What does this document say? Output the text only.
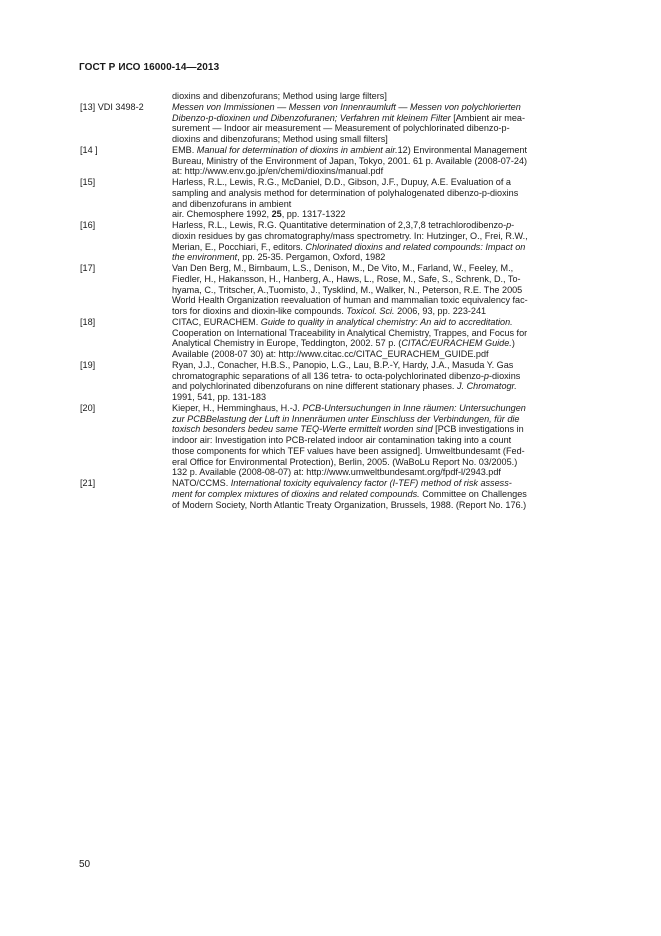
ГОСТ Р ИСО 16000-14—2013
dioxins and dibenzofurans; Method using large filters]
[13] VDI 3498-2	Messen von Immissionen — Messen von Innenraumluft — Messen von polychlorierten
Dibenzo-p-dioxinen und Dibenzofuranen; Verfahren mit kleinem Filter [Ambient air mea-
surement — Indoor air measurement — Measurement of polychlorinated dibenzo-p-
dioxins and dibenzofurans; Method using small filters]
[14 ]	EMB. Manual for determination of dioxins in ambient air.12) Environmental Management
Bureau, Ministry of the Environment of Japan, Tokyo, 2001. 61 p. Available (2008-07-24)
at: http://www.env.go.jp/en/chemi/dioxins/manual.pdf
[15]	Harless, R.L., Lewis, R.G., McDaniel, D.D., Gibson, J.F., Dupuy, A.E. Evaluation of a
sampling and analysis method for determination of polyhalogenated dibenzo-p-dioxins
and dibenzofurans in ambient
air. Chemosphere 1992, 25, pp. 1317-1322
[16]	Harless, R.L., Lewis, R.G. Quantitative determination of 2,3,7,8 tetrachlorodibenzo-p-
dioxin residues by gas chromatography/mass spectrometry. In: Hutzinger, O., Frei, R.W.,
Merian, E., Pocchiari, F., editors. Chlorinated dioxins and related compounds: Impact on
the environment, pp. 25-35. Pergamon, Oxford, 1982
[17]	Van Den Berg, M., Birnbaum, L.S., Denison, M., De Vito, M., Farland, W., Feeley, M.,
Fiedler, H., Hakansson, H., Hanberg, A., Haws, L., Rose, M., Safe, S., Schrenk, D., To-
hyama, C., Tritscher, A.,Tuomisto, J., Tysklind, M., Walker, N., Peterson, R.E. The 2005
World Health Organization reevaluation of human and mammalian toxic equivalency fac-
tors for dioxins and dioxin-like compounds. Toxicol. Sci. 2006, 93, pp. 223-241
[18]	CITAC, EURACHEM. Guide to quality in analytical chemistry: An aid to accreditation.
Cooperation on International Traceability in Analytical Chemistry, Trappes, and Focus for
Analytical Chemistry in Europe, Teddington, 2002. 57 p. (CITAC/EURACHEM Guide.)
Available (2008-07 30) at: http://www.citac.cc/CITAC_EURACHEM_GUIDE.pdf
[19]	Ryan, J.J., Conacher, H.B.S., Panopio, L.G., Lau, B.P.-Y, Hardy, J.A., Masuda Y. Gas
chromatographic separations of all 136 tetra- to octa-polychlorinated dibenzo-p-dioxins
and polychlorinated dibenzofurans on nine different stationary phases. J. Chromatogr.
1991, 541, pp. 131-183
[20]	Kieper, H., Hemminghaus, H.-J. PCB-Untersuchungen in Inne räumen: Untersuchungen
zur PCBBelastung der Luft in Innenräumen unter Einschluss der Verbindungen, für die
toxisch besonders bedeu same TEQ-Werte ermittelt worden sind [PCB investigations in
indoor air: Investigation into PCB-related indoor air contamination taking into a count
those components for which TEF values have been assigned]. Umweltbundesamt (Fed-
eral Office for Environmental Protection), Berlin, 2005. (WaBoLu Report No. 03/2005.)
132 p. Available (2008-08-07) at: http://www.umweltbundesamt.org/fpdf-l/2943.pdf
[21]	NATO/CCMS. International toxicity equivalency factor (I-TEF) method of risk assess-
ment for complex mixtures of dioxins and related compounds. Committee on Challenges
of Modern Society, North Atlantic Treaty Organization, Brussels, 1988. (Report No. 176.)
50
